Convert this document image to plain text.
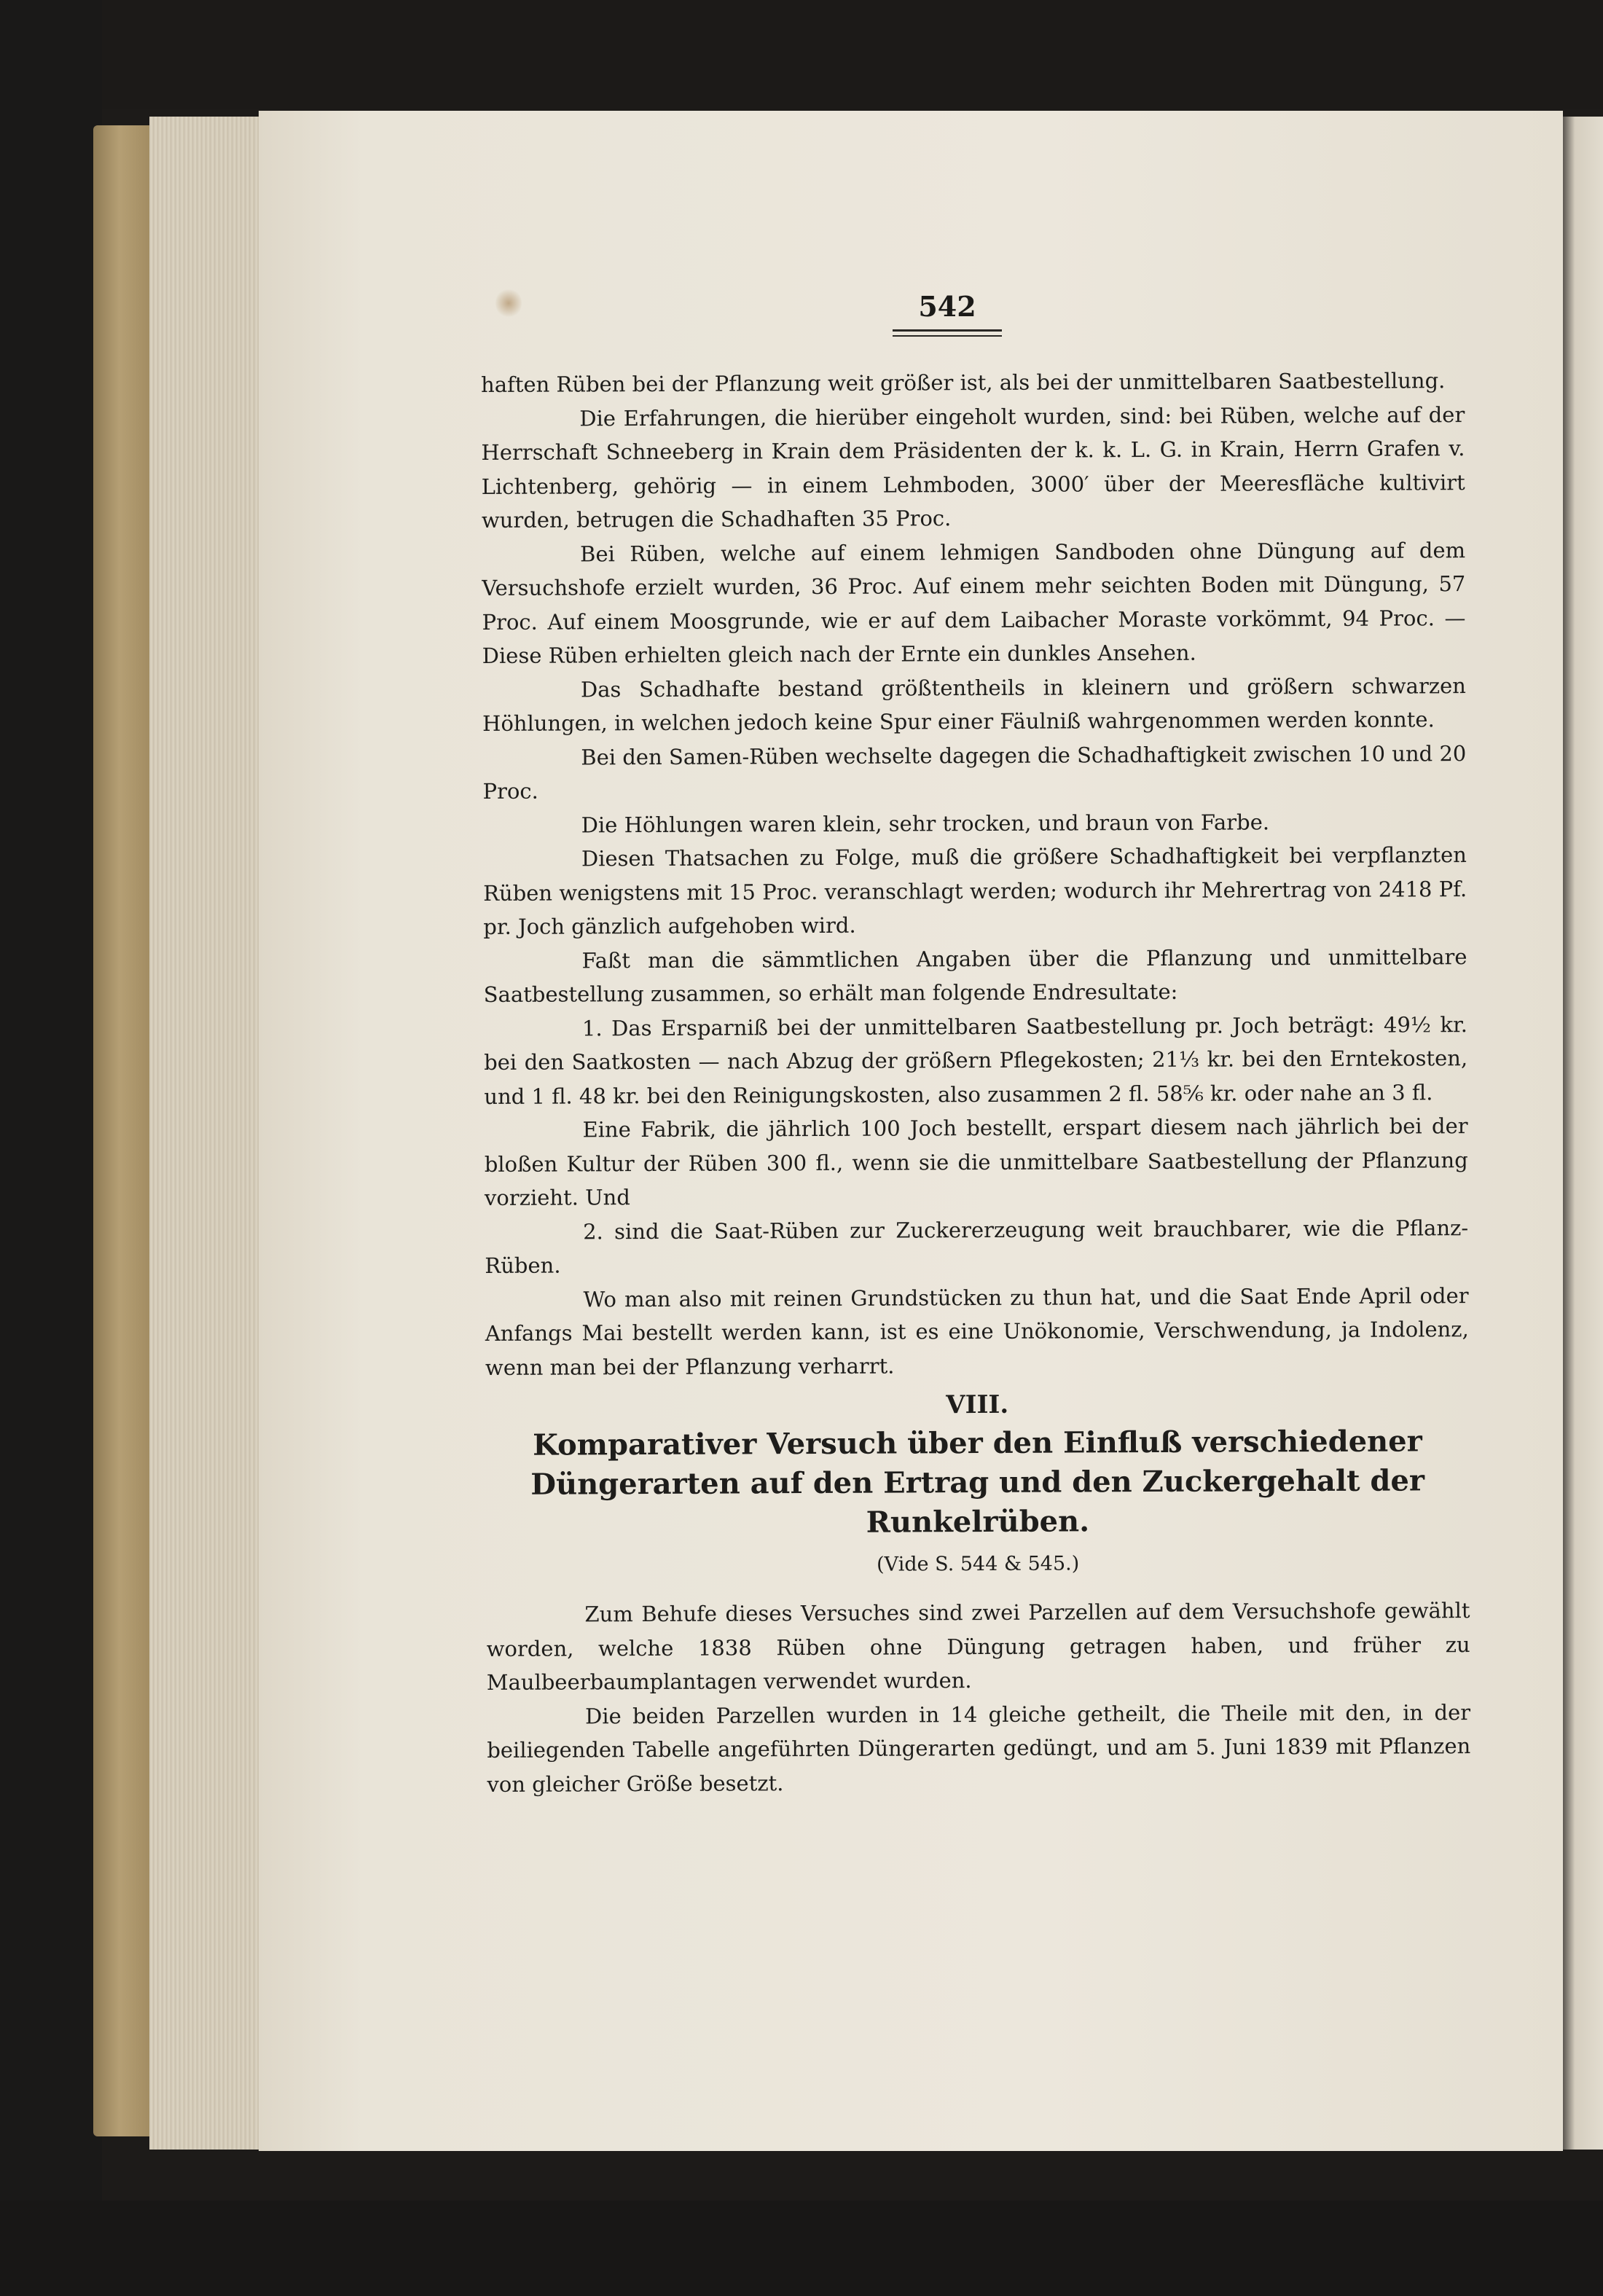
542

haften Rüben bei der Pflanzung weit größer ist, als bei der unmittelbaren Saatbestellung.

Die Erfahrungen, die hierüber eingeholt wurden, sind: bei Rüben, welche auf der Herrschaft Schneeberg in Krain dem Präsidenten der k. k. L. G. in Krain, Herrn Grafen v. Lichtenberg, gehörig — in einem Lehmboden, 3000′ über der Meeresfläche kultivirt wurden, betrugen die Schadhaften 35 Proc.

Bei Rüben, welche auf einem lehmigen Sandboden ohne Düngung auf dem Versuchshofe erzielt wurden, 36 Proc. Auf einem mehr seichten Boden mit Düngung, 57 Proc. Auf einem Moosgrunde, wie er auf dem Laibacher Moraste vorkömmt, 94 Proc. — Diese Rüben erhielten gleich nach der Ernte ein dunkles Ansehen.

Das Schadhafte bestand größtentheils in kleinern und größern schwarzen Höhlungen, in welchen jedoch keine Spur einer Fäulniß wahrgenommen werden konnte.

Bei den Samen-Rüben wechselte dagegen die Schadhaftigkeit zwischen 10 und 20 Proc.

Die Höhlungen waren klein, sehr trocken, und braun von Farbe.

Diesen Thatsachen zu Folge, muß die größere Schadhaftigkeit bei verpflanzten Rüben wenigstens mit 15 Proc. veranschlagt werden; wodurch ihr Mehrertrag von 2418 Pf. pr. Joch gänzlich aufgehoben wird.

Faßt man die sämmtlichen Angaben über die Pflanzung und unmittelbare Saatbestellung zusammen, so erhält man folgende Endresultate:

1. Das Ersparniß bei der unmittelbaren Saatbestellung pr. Joch beträgt: 49½ kr. bei den Saatkosten — nach Abzug der größern Pflegekosten; 21⅓ kr. bei den Erntekosten, und 1 fl. 48 kr. bei den Reinigungskosten, also zusammen 2 fl. 58⅚ kr. oder nahe an 3 fl.

Eine Fabrik, die jährlich 100 Joch bestellt, erspart diesem nach jährlich bei der bloßen Kultur der Rüben 300 fl., wenn sie die unmittelbare Saatbestellung der Pflanzung vorzieht. Und

2. sind die Saat-Rüben zur Zuckererzeugung weit brauchbarer, wie die Pflanz-Rüben.

Wo man also mit reinen Grundstücken zu thun hat, und die Saat Ende April oder Anfangs Mai bestellt werden kann, ist es eine Unökonomie, Verschwendung, ja Indolenz, wenn man bei der Pflanzung verharrt.

VIII.
Komparativer Versuch über den Einfluß verschiedener Düngerarten auf den Ertrag und den Zuckergehalt der Runkelrüben.
(Vide S. 544 & 545.)

Zum Behufe dieses Versuches sind zwei Parzellen auf dem Versuchshofe gewählt worden, welche 1838 Rüben ohne Düngung getragen haben, und früher zu Maulbeerbaumplantagen verwendet wurden.

Die beiden Parzellen wurden in 14 gleiche getheilt, die Theile mit den, in der beiliegenden Tabelle angeführten Düngerarten gedüngt, und am 5. Juni 1839 mit Pflanzen von gleicher Größe besetzt.
